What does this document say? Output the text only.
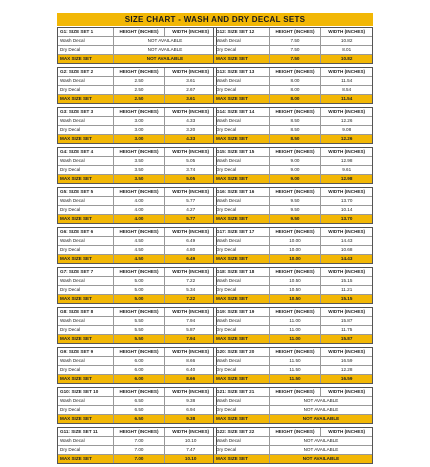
SIZE CHART - WASH AND DRY DECAL SETS
G1: SIZE SET 1	HEIGHT (INCHES)	WIDTH (INCHES)
Wash Decal	NOT AVAILABLE
Dry Decal	NOT AVAILABLE
MAX SIZE SET	NOT AVAILABLE
G2: SIZE SET 2	HEIGHT (INCHES)	WIDTH (INCHES)
Wash Decal	2.50	3.61
Dry Decal	2.50	2.67
MAX SIZE SET	2.50	3.61
G3: SIZE SET 3	HEIGHT (INCHES)	WIDTH (INCHES)
Wash Decal	3.00	4.33
Dry Decal	3.00	3.20
MAX SIZE SET	3.00	4.33
G4: SIZE SET 4	HEIGHT (INCHES)	WIDTH (INCHES)
Wash Decal	3.50	5.05
Dry Decal	3.50	3.74
MAX SIZE SET	3.50	5.05
G5: SIZE SET 5	HEIGHT (INCHES)	WIDTH (INCHES)
Wash Decal	4.00	5.77
Dry Decal	4.00	4.27
MAX SIZE SET	4.00	5.77
G6: SIZE SET 6	HEIGHT (INCHES)	WIDTH (INCHES)
Wash Decal	4.50	6.49
Dry Decal	4.50	4.80
MAX SIZE SET	4.50	6.49
G7: SIZE SET 7	HEIGHT (INCHES)	WIDTH (INCHES)
Wash Decal	5.00	7.22
Dry Decal	5.00	5.34
MAX SIZE SET	5.00	7.22
G8: SIZE SET 8	HEIGHT (INCHES)	WIDTH (INCHES)
Wash Decal	5.50	7.94
Dry Decal	5.50	5.87
MAX SIZE SET	5.50	7.94
G9: SIZE SET 9	HEIGHT (INCHES)	WIDTH (INCHES)
Wash Decal	6.00	8.66
Dry Decal	6.00	6.40
MAX SIZE SET	6.00	8.66
G10: SIZE SET 10	HEIGHT (INCHES)	WIDTH (INCHES)
Wash Decal	6.50	9.38
Dry Decal	6.50	6.94
MAX SIZE SET	6.50	9.38
G11: SIZE SET 11	HEIGHT (INCHES)	WIDTH (INCHES)
Wash Decal	7.00	10.10
Dry Decal	7.00	7.47
MAX SIZE SET	7.00	10.10
G12: SIZE SET 12	HEIGHT (INCHES)	WIDTH (INCHES)
Wash Decal	7.50	10.82
Dry Decal	7.50	8.01
MAX SIZE SET	7.50	10.82
G13: SIZE SET 13	HEIGHT (INCHES)	WIDTH (INCHES)
Wash Decal	8.00	11.54
Dry Decal	8.00	8.54
MAX SIZE SET	8.00	11.54
G14: SIZE SET 14	HEIGHT (INCHES)	WIDTH (INCHES)
Wash Decal	8.50	12.26
Dry Decal	8.50	9.08
MAX SIZE SET	8.50	12.26
G15: SIZE SET 15	HEIGHT (INCHES)	WIDTH (INCHES)
Wash Decal	9.00	12.98
Dry Decal	9.00	9.61
MAX SIZE SET	9.00	12.98
G16: SIZE SET 16	HEIGHT (INCHES)	WIDTH (INCHES)
Wash Decal	9.50	13.70
Dry Decal	9.50	10.14
MAX SIZE SET	9.50	13.70
G17: SIZE SET 17	HEIGHT (INCHES)	WIDTH (INCHES)
Wash Decal	10.00	14.43
Dry Decal	10.00	10.68
MAX SIZE SET	10.00	14.43
G18: SIZE SET 18	HEIGHT (INCHES)	WIDTH (INCHES)
Wash Decal	10.50	15.15
Dry Decal	10.50	11.21
MAX SIZE SET	10.50	15.15
G19: SIZE SET 19	HEIGHT (INCHES)	WIDTH (INCHES)
Wash Decal	11.00	15.87
Dry Decal	11.00	11.75
MAX SIZE SET	11.00	15.87
G20: SIZE SET 20	HEIGHT (INCHES)	WIDTH (INCHES)
Wash Decal	11.50	16.59
Dry Decal	11.50	12.28
MAX SIZE SET	11.50	16.59
G21: SIZE SET 21	HEIGHT (INCHES)	WIDTH (INCHES)
Wash Decal	NOT AVAILABLE
Dry Decal	NOT AVAILABLE
MAX SIZE SET	NOT AVAILABLE
G22: SIZE SET 22	HEIGHT (INCHES)	WIDTH (INCHES)
Wash Decal	NOT AVAILABLE
Dry Decal	NOT AVAILABLE
MAX SIZE SET	NOT AVAILABLE
